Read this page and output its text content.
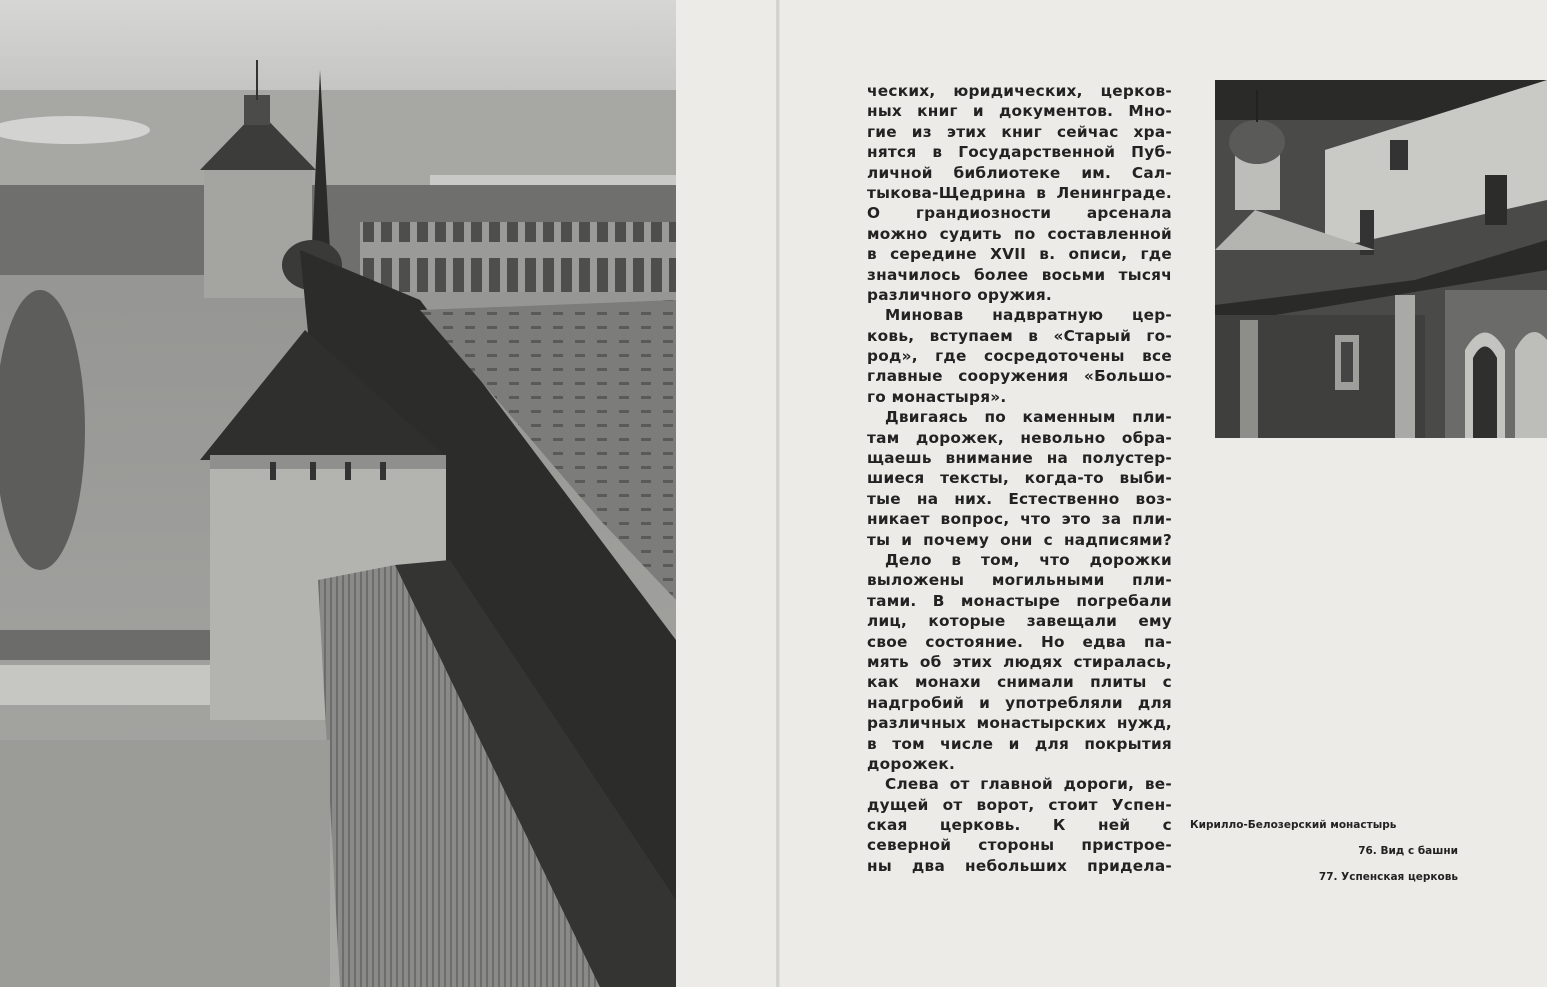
ческих, юридических, церков-
ных книг и документов. Мно-
гие из этих книг сейчас хра-
нятся в Государственной Пуб-
личной библиотеке им. Сал-
тыкова-Щедрина в Ленинграде.
О грандиозности арсенала
можно судить по составленной
в середине XVII в. описи, где
значилось более восьми тысяч
различного оружия.
Миновав надвратную цер-
ковь, вступаем в «Старый го-
род», где сосредоточены все
главные сооружения «Большо-
го монастыря».
Двигаясь по каменным пли-
там дорожек, невольно обра-
щаешь внимание на полустер-
шиеся тексты, когда-то выби-
тые на них. Естественно воз-
никает вопрос, что это за пли-
ты и почему они с надписями?
Дело в том, что дорожки
выложены могильными пли-
тами. В монастыре погребали
лиц, которые завещали ему
свое состояние. Но едва па-
мять об этих людях стиралась,
как монахи снимали плиты с
надгробий и употребляли для
различных монастырских нужд,
в том числе и для покрытия
дорожек.
Слева от главной дороги, ве-
дущей от ворот, стоит Успен-
ская церковь. К ней с
северной стороны пристрое-
ны два небольших придела-
Кирилло-Белозерский монастырь
76. Вид с башни
77. Успенская церковь
